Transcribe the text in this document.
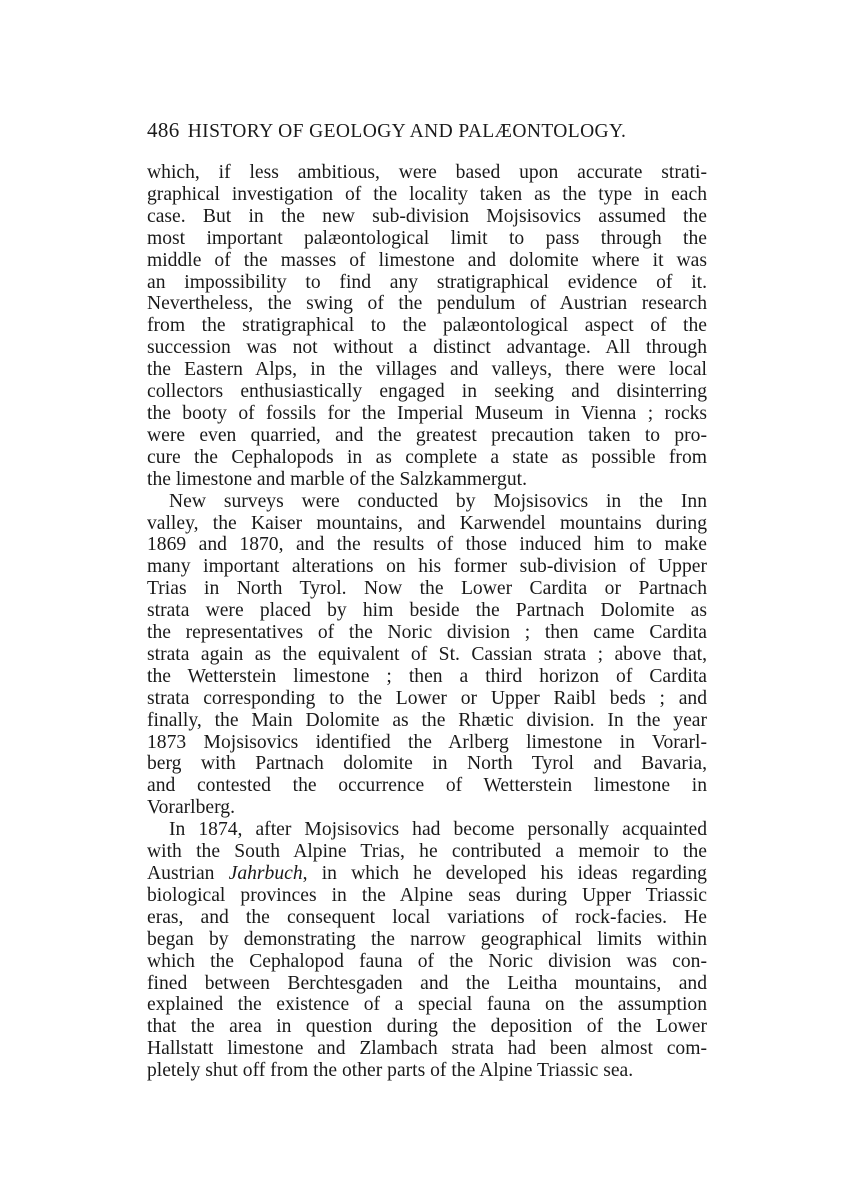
486 HISTORY OF GEOLOGY AND PALÆONTOLOGY.
which, if less ambitious, were based upon accurate strati-
graphical investigation of the locality taken as the type in each
case. But in the new sub-division Mojsisovics assumed the
most important palæontological limit to pass through the
middle of the masses of limestone and dolomite where it was
an impossibility to find any stratigraphical evidence of it.
Nevertheless, the swing of the pendulum of Austrian research
from the stratigraphical to the palæontological aspect of the
succession was not without a distinct advantage. All through
the Eastern Alps, in the villages and valleys, there were local
collectors enthusiastically engaged in seeking and disinterring
the booty of fossils for the Imperial Museum in Vienna ; rocks
were even quarried, and the greatest precaution taken to pro-
cure the Cephalopods in as complete a state as possible from
the limestone and marble of the Salzkammergut.
New surveys were conducted by Mojsisovics in the Inn
valley, the Kaiser mountains, and Karwendel mountains during
1869 and 1870, and the results of those induced him to make
many important alterations on his former sub-division of Upper
Trias in North Tyrol. Now the Lower Cardita or Partnach
strata were placed by him beside the Partnach Dolomite as
the representatives of the Noric division ; then came Cardita
strata again as the equivalent of St. Cassian strata ; above that,
the Wetterstein limestone ; then a third horizon of Cardita
strata corresponding to the Lower or Upper Raibl beds ; and
finally, the Main Dolomite as the Rhætic division. In the year
1873 Mojsisovics identified the Arlberg limestone in Vorarl-
berg with Partnach dolomite in North Tyrol and Bavaria,
and contested the occurrence of Wetterstein limestone in
Vorarlberg.
In 1874, after Mojsisovics had become personally acquainted
with the South Alpine Trias, he contributed a memoir to the
Austrian Jahrbuch, in which he developed his ideas regarding
biological provinces in the Alpine seas during Upper Triassic
eras, and the consequent local variations of rock-facies. He
began by demonstrating the narrow geographical limits within
which the Cephalopod fauna of the Noric division was con-
fined between Berchtesgaden and the Leitha mountains, and
explained the existence of a special fauna on the assumption
that the area in question during the deposition of the Lower
Hallstatt limestone and Zlambach strata had been almost com-
pletely shut off from the other parts of the Alpine Triassic sea.
